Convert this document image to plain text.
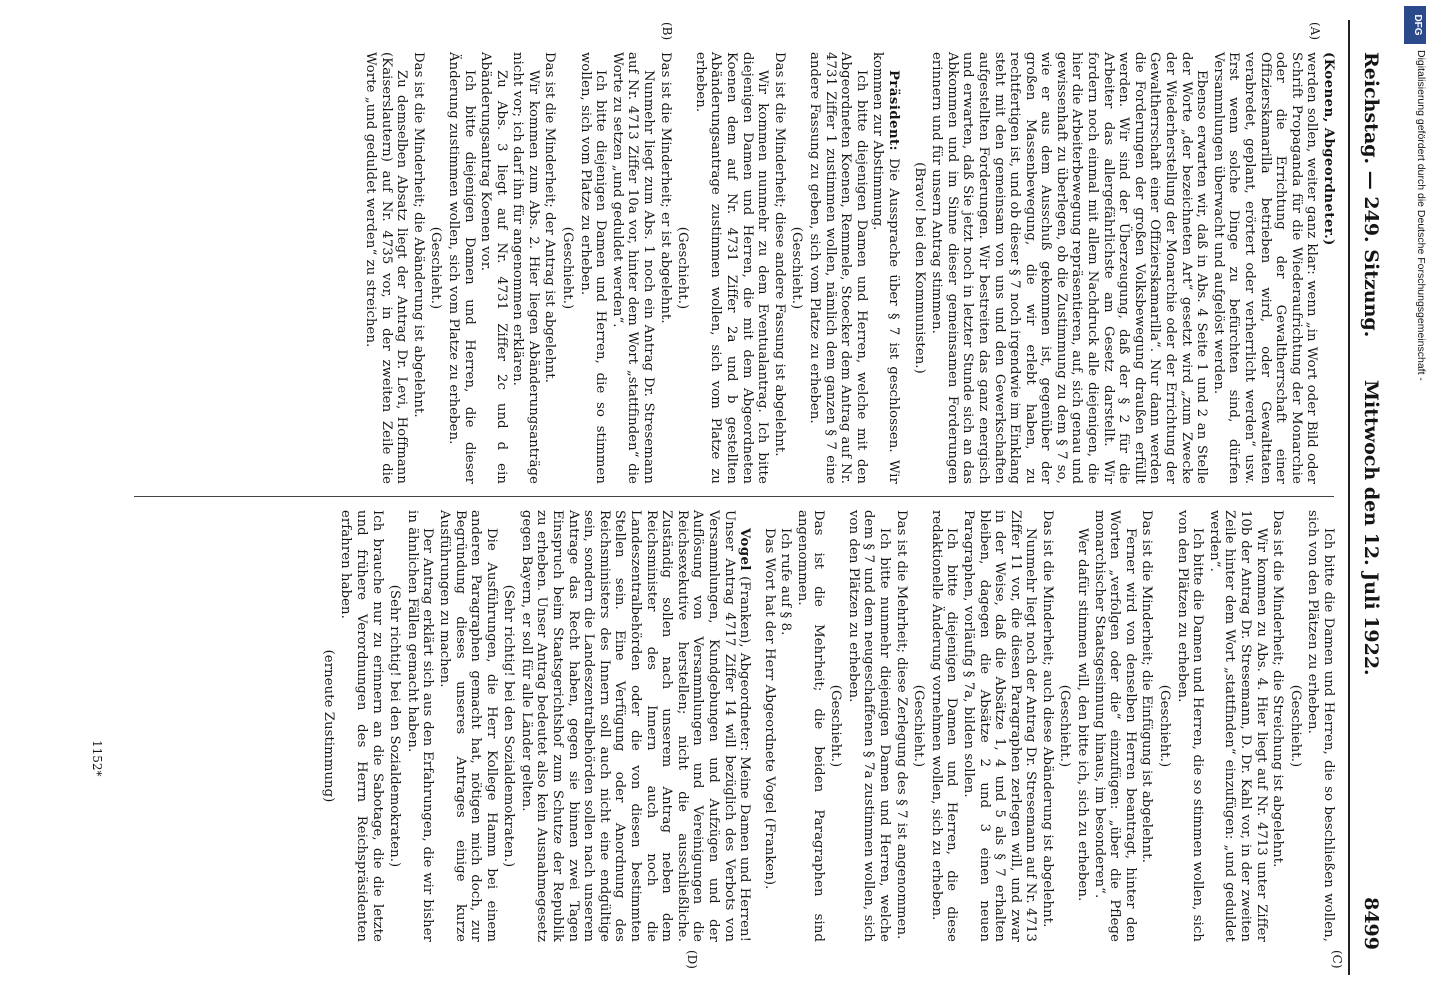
Reichstag. — 249. Sitzung.
Mittwoch den 12. Juli 1922.
8499
(A)
(B)
(C)
(D)

(Koenen, Abgeordneter.)

werden sollen, weiter ganz klar: wenn „in Wort oder Bild oder Schrift Propaganda für die Wiederaufrichtung der Monarchie oder die Errichtung der Gewaltherrschaft einer Offizierskamarilla betrieben wird, oder Gewalttaten verabredet, geplant, erörtert oder verherrlicht werden“ usw. Erst wenn solche Dinge zu befürchten sind, dürfen Versammlungen überwacht und aufgelöst werden.

Ebenso erwarten wir, daß in Abs. 4 Seite 1 und 2 an Stelle der Worte „der bezeichneten Art“ gesetzt wird „zum Zwecke der Wiederherstellung der Monarchie oder der Errichtung der Gewaltherrschaft einer Offizierskamarilla“. Nur dann werden die Forderungen der großen Volksbewegung draußen erfüllt werden. Wir sind der Überzeugung, daß der § 2 für die Arbeiter das allergefährlichste am Gesetz darstellt. Wir fordern noch einmal mit allem Nachdruck alle diejenigen, die hier die Arbeiterbewegung repräsentieren, auf, sich genau und gewissenhaft zu überlegen, ob die Zustimmung zu dem § 7 so, wie er aus dem Ausschuß gekommen ist, gegenüber der großen Massenbewegung, die wir erlebt haben, zu rechtfertigen ist, und ob dieser § 7 noch irgendwie im Einklang steht mit den gemeinsam von uns und den Gewerkschaften aufgestellten Forderungen. Wir bestreiten das ganz energisch und erwarten, daß Sie jetzt noch in letzter Stunde sich an das Abkommen und im Sinne dieser gemeinsamen Forderungen erinnern und für unsern Antrag stimmen.

(Bravo! bei den Kommunisten.)

Präsident: Die Aussprache über § 7 ist geschlossen. Wir kommen zur Abstimmung.

Ich bitte diejenigen Damen und Herren, welche mit den Abgeordneten Koenen, Remmele, Stoecker dem Antrag auf Nr. 4731 Ziffer 1 zustimmen wollen, nämlich dem ganzen § 7 eine andere Fassung zu geben, sich vom Platze zu erheben.

(Geschieht.)

Das ist die Minderheit; diese andere Fassung ist abgelehnt.

Wir kommen nunmehr zu dem Eventualantrag. Ich bitte diejenigen Damen und Herren, die mit dem Abgeordneten Koenen dem auf Nr. 4731 Ziffer 2a und b gestellten Abänderungsantrage zustimmen wollen, sich vom Platze zu erheben.

(Geschieht.)

Das ist die Minderheit; er ist abgelehnt.

Nunmehr liegt zum Abs. 1 noch ein Antrag Dr. Stresemann auf Nr. 4713 Ziffer 10a vor, hinter dem Wort „stattfinden“ die Worte zu setzen „und geduldet werden“.

Ich bitte diejenigen Damen und Herren, die so stimmen wollen, sich vom Platze zu erheben.

(Geschieht.)

Das ist die Minderheit; der Antrag ist abgelehnt.

Wir kommen zum Abs. 2. Hier liegen Abänderungsanträge nicht vor; ich darf ihn für angenommen erklären.

Zu Abs. 3 liegt auf Nr. 4731 Ziffer 2c und d ein Abänderungsantrag Koenen vor.

Ich bitte diejenigen Damen und Herren, die dieser Änderung zustimmen wollen, sich vom Platze zu erheben.

(Geschieht.)

Das ist die Minderheit; die Abänderung ist abgelehnt.

Zu demselben Absatz liegt der Antrag Dr. Levi, Hoffmann (Kaiserslautern) auf Nr. 4735 vor, in der zweiten Zeile die Worte „und geduldet werden“ zu streichen.

Ich bitte die Damen und Herren, die so beschließen wollen, sich von den Plätzen zu erheben.

(Geschieht.)

Das ist die Minderheit; die Streichung ist abgelehnt.

Wir kommen zu Abs. 4. Hier liegt auf Nr. 4713 unter Ziffer 10b der Antrag Dr. Stresemann, D. Dr. Kahl vor, in der zweiten Zeile hinter dem Wort „stattfinden“ einzufügen: „und geduldet werden“.

Ich bitte die Damen und Herren, die so stimmen wollen, sich von den Plätzen zu erheben.

(Geschieht.)

Das ist die Minderheit; die Einfügung ist abgelehnt.

Ferner wird von denselben Herren beantragt, hinter den Worten „verfolgen oder die“ einzufügen: „über die Pflege monarchischer Staatsgesinnung hinaus, im besonderen“.

Wer dafür stimmen will, den bitte ich, sich zu erheben.

(Geschieht.)

Das ist die Minderheit; auch diese Abänderung ist abgelehnt.

Nunmehr liegt noch der Antrag Dr. Stresemann auf Nr. 4713 Ziffer 11 vor, die diesen Paragraphen zerlegen will, und zwar in der Weise, daß die Absätze 1, 4 und 5 als § 7 erhalten bleiben, dagegen die Absätze 2 und 3 einen neuen Paragraphen, vorläufig § 7a, bilden sollen.

Ich bitte diejenigen Damen und Herren, die diese redaktionelle Änderung vornehmen wollen, sich zu erheben.

(Geschieht.)

Das ist die Mehrheit; diese Zerlegung des § 7 ist angenommen.

Ich bitte nunmehr diejenigen Damen und Herren, welche dem § 7 und dem neugeschaffenen § 7a zustimmen wollen, sich von den Plätzen zu erheben.

(Geschieht.)

Das ist die Mehrheit; die beiden Paragraphen sind angenommen.

Ich rufe auf § 8.

Das Wort hat der Herr Abgeordnete Vogel (Franken).

Vogel (Franken), Abgeordneter: Meine Damen und Herren! Unser Antrag 4717 Ziffer 14 will bezüglich des Verbots von Versammlungen, Kundgebungen und Aufzügen und der Auflösung von Versammlungen und Vereinigungen die Reichsexekutive herstellen; nicht die ausschließliche. Zuständig sollen nach unserem Antrag neben dem Reichsminister des Innern auch noch die Landeszentralbehörden oder die von diesen bestimmten Stellen sein. Eine Verfügung oder Anordnung des Reichsministers des Innern soll auch nicht eine endgültige sein, sondern die Landeszentralbehörden sollen nach unserem Antrage das Recht haben, gegen sie binnen zwei Tagen Einspruch beim Staatsgerichtshof zum Schutze der Republik zu erheben. Unser Antrag bedeutet also kein Ausnahmegesetz gegen Bayern, er soll für alle Länder gelten.

(Sehr richtig! bei den Sozialdemokraten.)

Die Ausführungen, die Herr Kollege Hamm bei einem anderen Paragraphen gemacht hat, nötigen mich doch, zur Begründung dieses unseres Antrages einige kurze Ausführungen zu machen.

Der Antrag erklärt sich aus den Erfahrungen, die wir bisher in ähnlichen Fällen gemacht haben.

(Sehr richtig! bei den Sozialdemokraten.)

Ich brauche nur zu erinnern an die Sabotage, die die letzte und frühere Verordnungen des Herrn Reichspräsidenten erfahren haben.

(erneute Zustimmung)

1152*
DFG
Digitalisierung gefördert durch die Deutsche Forschungsgemeinschaft -
